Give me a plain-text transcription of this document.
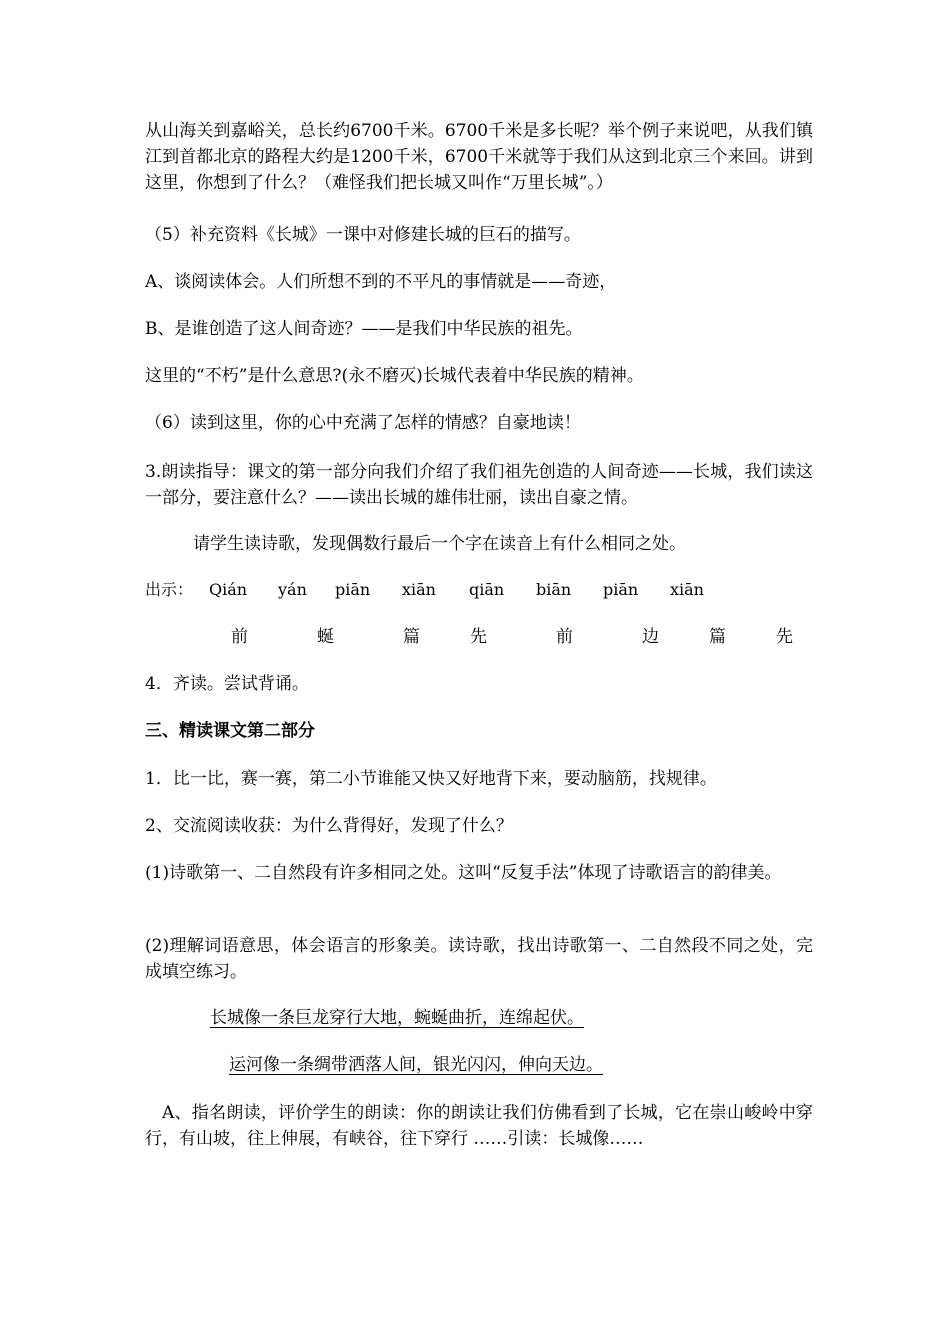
从山海关到嘉峪关，总长约6700千米。6700千米是多长呢？举个例子来说吧，从我们镇江到首都北京的路程大约是1200千米，6700千米就等于我们从这到北京三个来回。讲到这里，你想到了什么？（难怪我们把长城又叫作“万里长城”。）
（5）补充资料《长城》一课中对修建长城的巨石的描写。
A、谈阅读体会。人们所想不到的不平凡的事情就是——奇迹，
B、是谁创造了这人间奇迹？——是我们中华民族的祖先。
这里的“不朽”是什么意思?(永不磨灭)长城代表着中华民族的精神。
（6）读到这里，你的心中充满了怎样的情感？自豪地读！
3.朗读指导：课文的第一部分向我们介绍了我们祖先创造的人间奇迹——长城，我们读这一部分，要注意什么？——读出长城的雄伟壮丽，读出自豪之情。
请学生读诗歌，发现偶数行最后一个字在读音上有什么相同之处。
出示： Qián yán piān xiān qiān biān piān xiān
前	蜒	篇	先	前	边	篇	先
4．齐读。尝试背诵。
三、精读课文第二部分
1．比一比，赛一赛，第二小节谁能又快又好地背下来，要动脑筋，找规律。
2、交流阅读收获：为什么背得好，发现了什么？
(1)诗歌第一、二自然段有许多相同之处。这叫“反复手法”体现了诗歌语言的韵律美。
(2)理解词语意思，体会语言的形象美。读诗歌，找出诗歌第一、二自然段不同之处，完成填空练习。
长城像一条巨龙穿行大地，蜿蜒曲折，连绵起伏。
运河像一条绸带洒落人间，银光闪闪，伸向天边。
A、指名朗读，评价学生的朗读：你的朗读让我们仿佛看到了长城，它在崇山峻岭中穿行，有山坡，往上伸展，有峡谷，往下穿行 ……引读：长城像……
